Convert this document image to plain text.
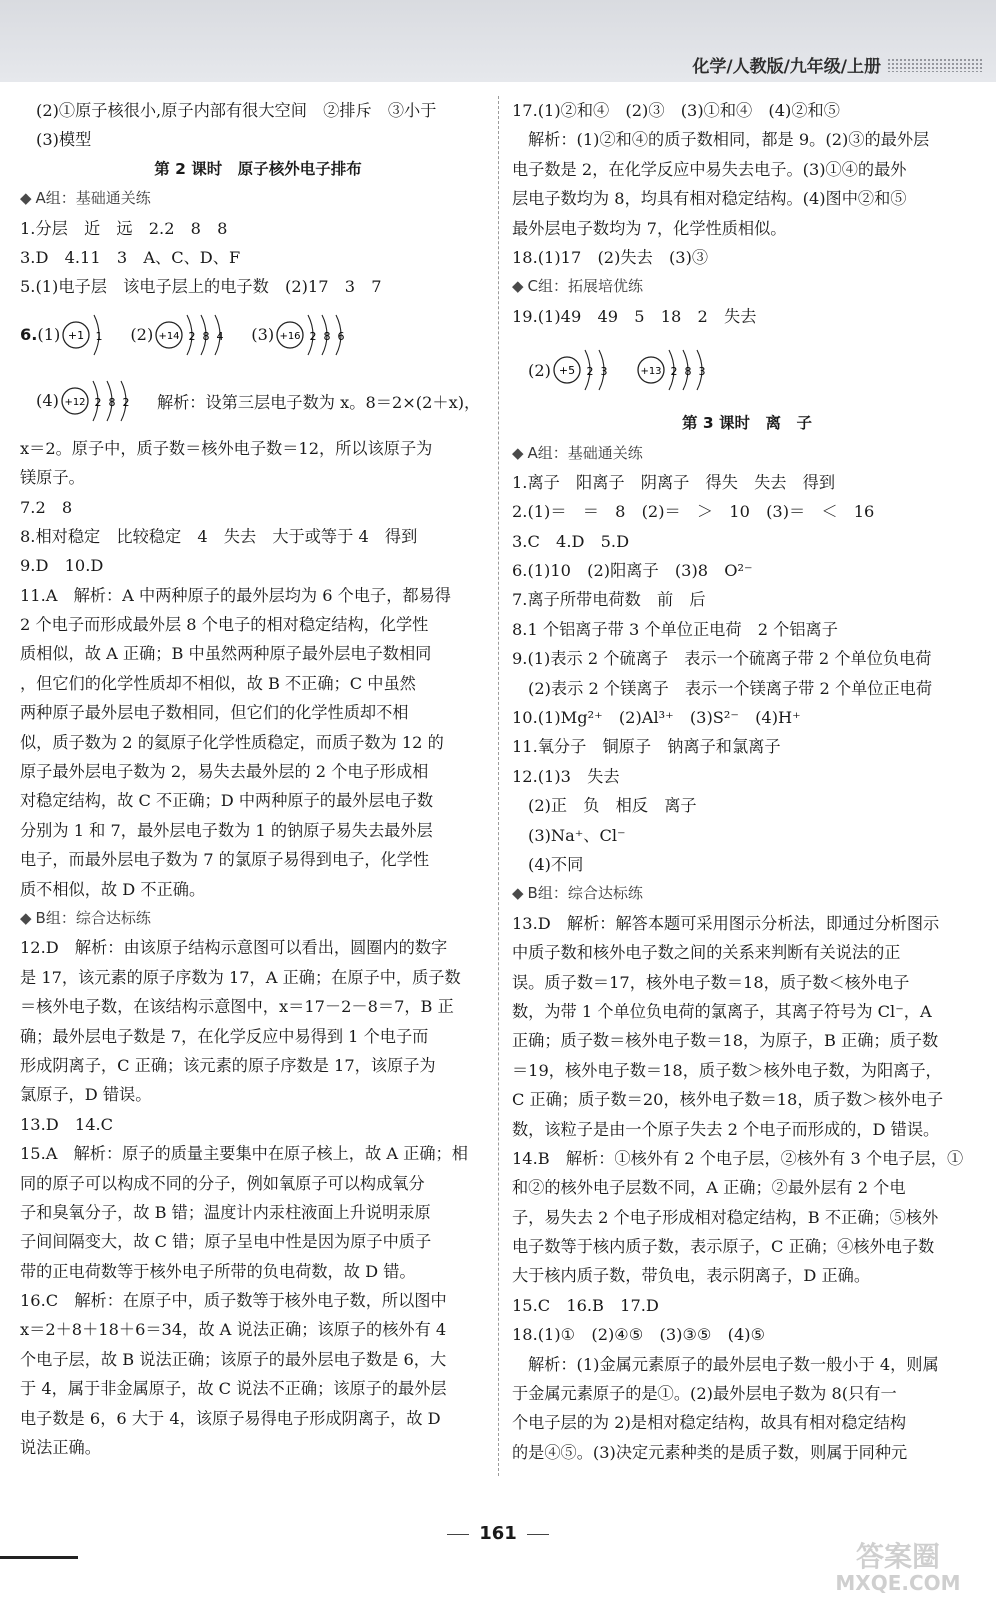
化学/人教版/九年级/上册
(2)①原子核很小,原子内部有很大空间　②排斥　③小于
(3)模型
第 2 课时　原子核外电子排布
◆ A组：基础通关练
1.分层　近　远　2.2　8　8
3.D　4.11　3　A、C、D、F
5.(1)电子层　该电子层上的电子数　(2)17　3　7
6. (1) +1 1 (2) +14 2 8 4 (3) +16 2 8 6
(4) +12 2 8 2 解析：设第三层电子数为 x。8＝2×(2＋x)，
x＝2。原子中，质子数＝核外电子数＝12，所以该原子为
镁原子。
7.2　8
8.相对稳定　比较稳定　4　失去　大于或等于 4　得到
9.D　10.D
11.A　解析：A 中两种原子的最外层均为 6 个电子，都易得
2 个电子而形成最外层 8 个电子的相对稳定结构，化学性
质相似，故 A 正确；B 中虽然两种原子最外层电子数相同
，但它们的化学性质却不相似，故 B 不正确；C 中虽然
两种原子最外层电子数相同，但它们的化学性质却不相
似，质子数为 2 的氦原子化学性质稳定，而质子数为 12 的
原子最外层电子数为 2，易失去最外层的 2 个电子形成相
对稳定结构，故 C 不正确；D 中两种原子的最外层电子数
分别为 1 和 7，最外层电子数为 1 的钠原子易失去最外层
电子，而最外层电子数为 7 的氯原子易得到电子，化学性
质不相似，故 D 不正确。
◆ B组：综合达标练
12.D　解析：由该原子结构示意图可以看出，圆圈内的数字
是 17，该元素的原子序数为 17，A 正确；在原子中，质子数
＝核外电子数，在该结构示意图中，x＝17－2－8＝7，B 正
确；最外层电子数是 7，在化学反应中易得到 1 个电子而
形成阴离子，C 正确；该元素的原子序数是 17，该原子为
氯原子，D 错误。
13.D　14.C
15.A　解析：原子的质量主要集中在原子核上，故 A 正确；相
同的原子可以构成不同的分子，例如氧原子可以构成氧分
子和臭氧分子，故 B 错；温度计内汞柱液面上升说明汞原
子间间隔变大，故 C 错；原子呈电中性是因为原子中质子
带的正电荷数等于核外电子所带的负电荷数，故 D 错。
16.C　解析：在原子中，质子数等于核外电子数，所以图中
x＝2＋8＋18＋6＝34，故 A 说法正确；该原子的核外有 4
个电子层，故 B 说法正确；该原子的最外层电子数是 6，大
于 4，属于非金属原子，故 C 说法不正确；该原子的最外层
电子数是 6，6 大于 4，该原子易得电子形成阴离子，故 D
说法正确。
17.(1)②和④　(2)③　(3)①和④　(4)②和⑤
解析：(1)②和④的质子数相同，都是 9。(2)③的最外层
电子数是 2，在化学反应中易失去电子。(3)①④的最外
层电子数均为 8，均具有相对稳定结构。(4)图中②和⑤
最外层电子数均为 7，化学性质相似。
18.(1)17　(2)失去　(3)③
◆ C组：拓展培优练
19.(1)49　49　5　18　2　失去
(2) +5 2 3	+13 2 8 3
第 3 课时　离　子
◆ A组：基础通关练
1.离子　阳离子　阴离子　得失　失去　得到
2.(1)＝　＝　8　(2)＝　＞　10　(3)＝　＜　16
3.C　4.D　5.D
6.(1)10　(2)阳离子　(3)8　O²⁻
7.离子所带电荷数　前　后
8.1 个铝离子带 3 个单位正电荷　2 个铝离子
9.(1)表示 2 个硫离子　表示一个硫离子带 2 个单位负电荷
(2)表示 2 个镁离子　表示一个镁离子带 2 个单位正电荷
10.(1)Mg²⁺　(2)Al³⁺　(3)S²⁻　(4)H⁺
11.氧分子　铜原子　钠离子和氯离子
12.(1)3　失去
(2)正　负　相反　离子
(3)Na⁺、Cl⁻
(4)不同
◆ B组：综合达标练
13.D　解析：解答本题可采用图示分析法，即通过分析图示
中质子数和核外电子数之间的关系来判断有关说法的正
误。质子数＝17，核外电子数＝18，质子数＜核外电子
数，为带 1 个单位负电荷的氯离子，其离子符号为 Cl⁻，A
正确；质子数＝核外电子数＝18，为原子，B 正确；质子数
＝19，核外电子数＝18，质子数＞核外电子数，为阳离子，
C 正确；质子数＝20，核外电子数＝18，质子数＞核外电子
数，该粒子是由一个原子失去 2 个电子而形成的，D 错误。
14.B　解析：①核外有 2 个电子层，②核外有 3 个电子层，①
和②的核外电子层数不同，A 正确；②最外层有 2 个电
子，易失去 2 个电子形成相对稳定结构，B 不正确；⑤核外
电子数等于核内质子数，表示原子，C 正确；④核外电子数
大于核内质子数，带负电，表示阴离子，D 正确。
15.C　16.B　17.D
18.(1)①　(2)④⑤　(3)③⑤　(4)⑤
解析：(1)金属元素原子的最外层电子数一般小于 4，则属
于金属元素原子的是①。(2)最外层电子数为 8(只有一
个电子层的为 2)是相对稳定结构，故具有相对稳定结构
的是④⑤。(3)决定元素种类的是质子数，则属于同种元
161
答案圈
MXQE.COM
